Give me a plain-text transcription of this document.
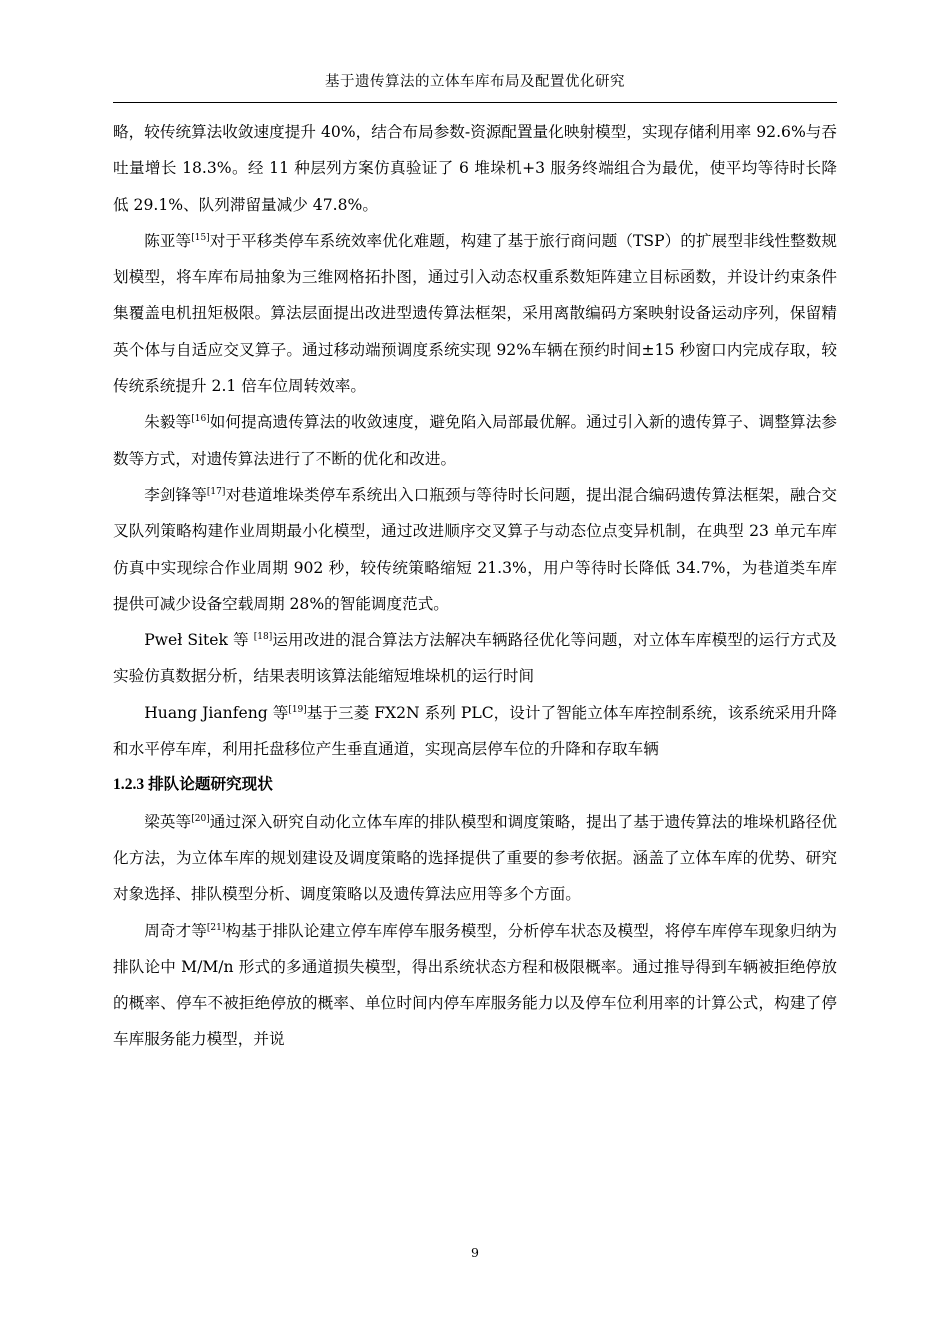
基于遗传算法的立体车库布局及配置优化研究

略，较传统算法收敛速度提升 40%，结合布局参数-资源配置量化映射模型，实现存储利用率 92.6%与吞吐量增长 18.3%。经 11 种层列方案仿真验证了 6 堆垛机+3 服务终端组合为最优，使平均等待时长降低 29.1%、队列滞留量减少 47.8%。

陈亚等[15]对于平移类停车系统效率优化难题，构建了基于旅行商问题（TSP）的扩展型非线性整数规划模型，将车库布局抽象为三维网格拓扑图，通过引入动态权重系数矩阵建立目标函数，并设计约束条件集覆盖电机扭矩极限。算法层面提出改进型遗传算法框架，采用离散编码方案映射设备运动序列，保留精英个体与自适应交叉算子。通过移动端预调度系统实现 92%车辆在预约时间±15 秒窗口内完成存取，较传统系统提升 2.1 倍车位周转效率。

朱毅等[16]如何提高遗传算法的收敛速度，避免陷入局部最优解。通过引入新的遗传算子、调整算法参数等方式，对遗传算法进行了不断的优化和改进。

李剑锋等[17]对巷道堆垛类停车系统出入口瓶颈与等待时长问题，提出混合编码遗传算法框架，融合交叉队列策略构建作业周期最小化模型，通过改进顺序交叉算子与动态位点变异机制，在典型 23 单元车库仿真中实现综合作业周期 902 秒，较传统策略缩短 21.3%，用户等待时长降低 34.7%，为巷道类车库提供可减少设备空载周期 28%的智能调度范式。

Pweł Sitek 等 [18]运用改进的混合算法方法解决车辆路径优化等问题，对立体车库模型的运行方式及实验仿真数据分析，结果表明该算法能缩短堆垛机的运行时间

Huang Jianfeng 等[19]基于三菱 FX2N 系列 PLC，设计了智能立体车库控制系统，该系统采用升降和水平停车库，利用托盘移位产生垂直通道，实现高层停车位的升降和存取车辆

1.2.3 排队论题研究现状

梁英等[20]通过深入研究自动化立体车库的排队模型和调度策略，提出了基于遗传算法的堆垛机路径优化方法，为立体车库的规划建设及调度策略的选择提供了重要的参考依据。涵盖了立体车库的优势、研究对象选择、排队模型分析、调度策略以及遗传算法应用等多个方面。

周奇才等[21]构基于排队论建立停车库停车服务模型，分析停车状态及模型，将停车库停车现象归纳为排队论中 M/M/n 形式的多通道损失模型，得出系统状态方程和极限概率。通过推导得到车辆被拒绝停放的概率、停车不被拒绝停放的概率、单位时间内停车库服务能力以及停车位利用率的计算公式，构建了停车库服务能力模型，并说

9
